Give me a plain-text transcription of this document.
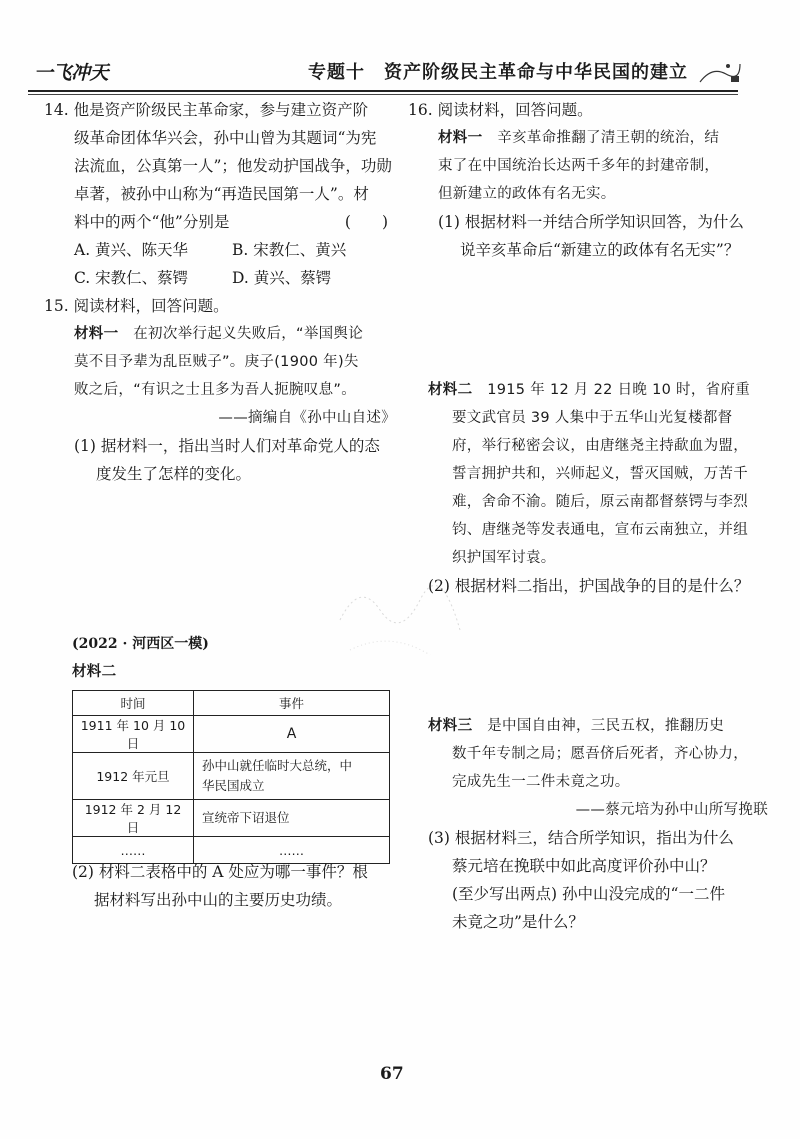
一飞冲天	专题十　资产阶级民主革命与中华民国的建立

14. 他是资产阶级民主革命家，参与建立资产阶

级革命团体华兴会，孙中山曾为其题词“为宪

法流血，公真第一人”；他发动护国战争，功勋

卓著，被孙中山称为“再造民国第一人”。材

料中的两个“他”分别是	(　　)

A. 黄兴、陈天华	B. 宋教仁、黄兴
C. 宋教仁、蔡锷	D. 黄兴、蔡锷

15. 阅读材料，回答问题。

材料一　 在初次举行起义失败后，“举国舆论

莫不目予辈为乱臣贼子”。庚子(1900 年)失

败之后，“有识之士且多为吾人扼腕叹息”。

——摘编自《孙中山自述》

(1) 据材料一，指出当时人们对革命党人的态

度发生了怎样的变化。

(2022 · 河西区一模)

材料二

时间	事件
1911 年 10 月 10 日	A
1912 年元旦	孙中山就任临时大总统，中
华民国成立

1912 年 2 月 12 日	宣统帝下诏退位
……	……

(2) 材料二表格中的 A 处应为哪一事件？根

据材料写出孙中山的主要历史功绩。

16. 阅读材料，回答问题。

材料一　 辛亥革命推翻了清王朝的统治，结

束了在中国统治长达两千多年的封建帝制，

但新建立的政体有名无实。

(1) 根据材料一并结合所学知识回答，为什么

说辛亥革命后“新建立的政体有名无实”？

材料二　 1915 年 12 月 22 日晚 10 时，省府重

要文武官员 39 人集中于五华山光复楼都督

府，举行秘密会议，由唐继尧主持歃血为盟，

誓言拥护共和，兴师起义，誓灭国贼，万苦千

难，舍命不渝。随后，原云南都督蔡锷与李烈

钧、唐继尧等发表通电，宣布云南独立，并组

织护国军讨袁。

(2) 根据材料二指出，护国战争的目的是什么？

材料三　 是中国自由神，三民五权，推翻历史

数千年专制之局；愿吾侪后死者，齐心协力，

完成先生一二件未竟之功。

——蔡元培为孙中山所写挽联

(3) 根据材料三，结合所学知识，指出为什么

蔡元培在挽联中如此高度评价孙中山？

(至少写出两点) 孙中山没完成的“一二件

未竟之功”是什么？

67
